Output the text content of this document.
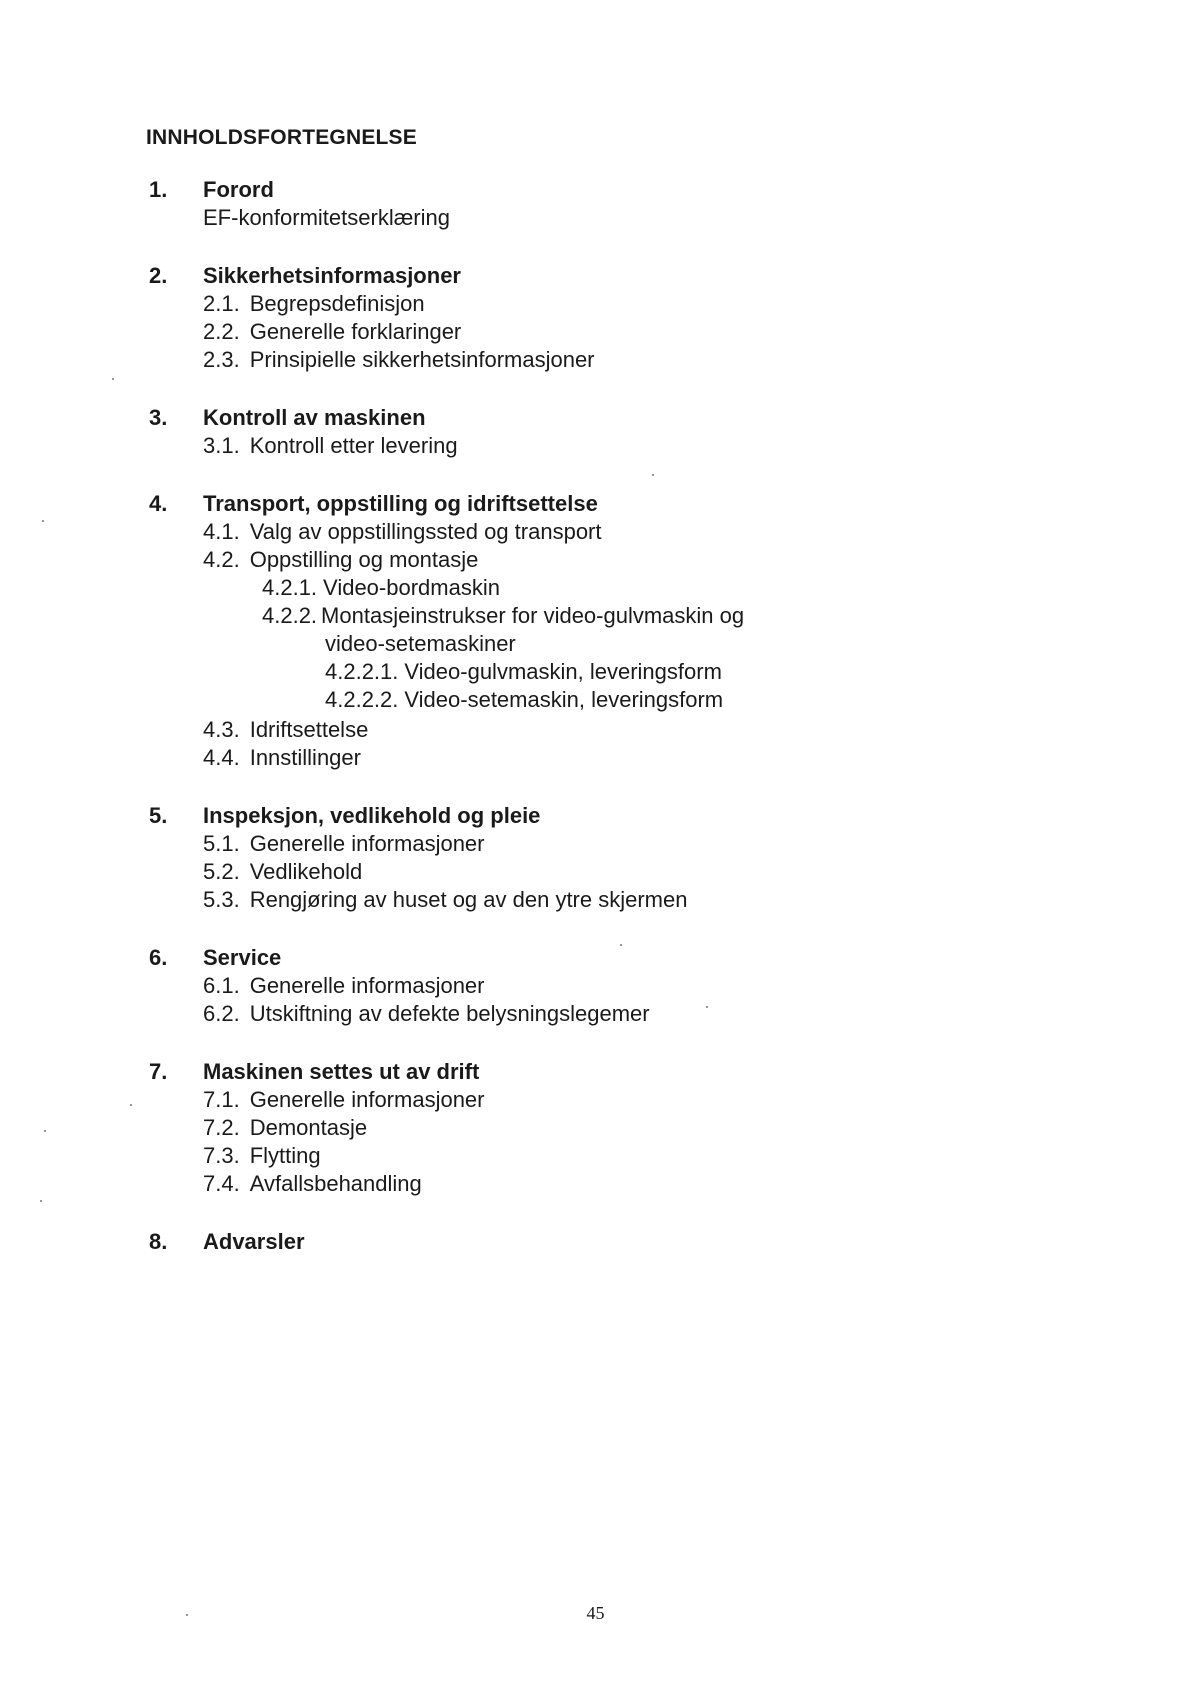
INNHOLDSFORTEGNELSE
1. Forord
EF-konformitetserklæring
2. Sikkerhetsinformasjoner
2.1. Begrepsdefinisjon
2.2. Generelle forklaringer
2.3. Prinsipielle sikkerhetsinformasjoner
3. Kontroll av maskinen
3.1. Kontroll etter levering
4. Transport, oppstilling og idriftsettelse
4.1. Valg av oppstillingssted og transport
4.2. Oppstilling og montasje
4.2.1. Video-bordmaskin
4.2.2. Montasjeinstrukser for video-gulvmaskin og
video-setemaskiner
4.2.2.1. Video-gulvmaskin, leveringsform
4.2.2.2. Video-setemaskin, leveringsform
4.3. Idriftsettelse
4.4. Innstillinger
5. Inspeksjon, vedlikehold og pleie
5.1. Generelle informasjoner
5.2. Vedlikehold
5.3. Rengjøring av huset og av den ytre skjermen
6. Service
6.1. Generelle informasjoner
6.2. Utskiftning av defekte belysningslegemer
7. Maskinen settes ut av drift
7.1. Generelle informasjoner
7.2. Demontasje
7.3. Flytting
7.4. Avfallsbehandling
8. Advarsler
45
